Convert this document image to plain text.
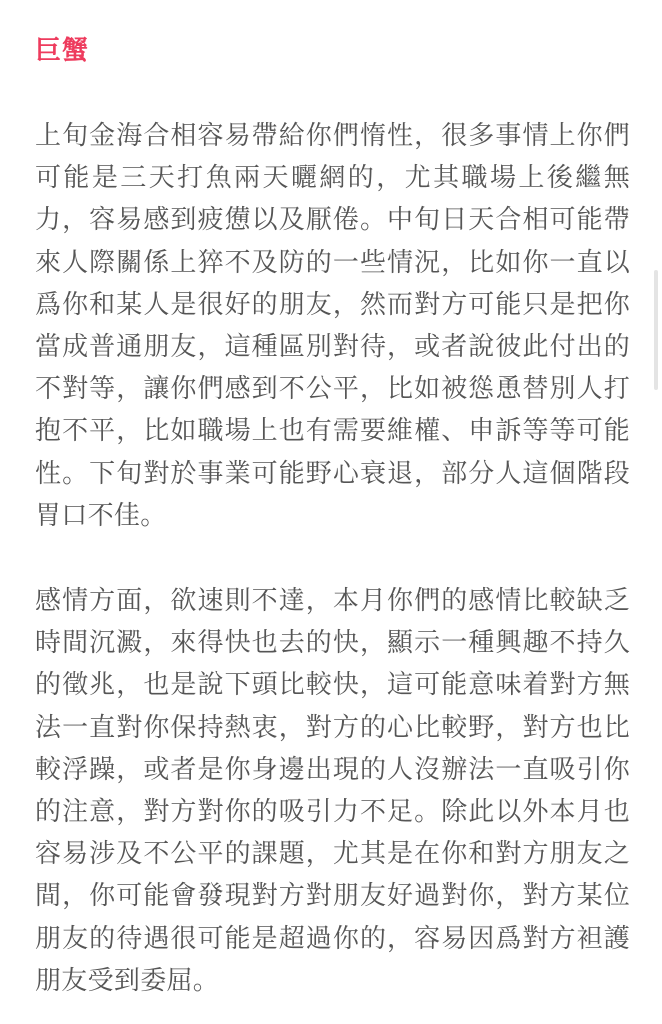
巨蟹

上旬金海合相容易帶給你們惰性，很多事情上你們可能是三天打魚兩天曬網的，尤其職場上後繼無力，容易感到疲憊以及厭倦。中旬日天合相可能帶來人際關係上猝不及防的一些情況，比如你一直以爲你和某人是很好的朋友，然而對方可能只是把你當成普通朋友，這種區別對待，或者說彼此付出的不對等，讓你們感到不公平，比如被慫恿替別人打抱不平，比如職場上也有需要維權、申訴等等可能性。下旬對於事業可能野心衰退，部分人這個階段胃口不佳。

感情方面，欲速則不達，本月你們的感情比較缺乏時間沉澱，來得快也去的快，顯示一種興趣不持久的徵兆，也是說下頭比較快，這可能意味着對方無法一直對你保持熱衷，對方的心比較野，對方也比較浮躁，或者是你身邊出現的人沒辦法一直吸引你的注意，對方對你的吸引力不足。除此以外本月也容易涉及不公平的課題，尤其是在你和對方朋友之間，你可能會發現對方對朋友好過對你，對方某位朋友的待遇很可能是超過你的，容易因爲對方袒護朋友受到委屈。
